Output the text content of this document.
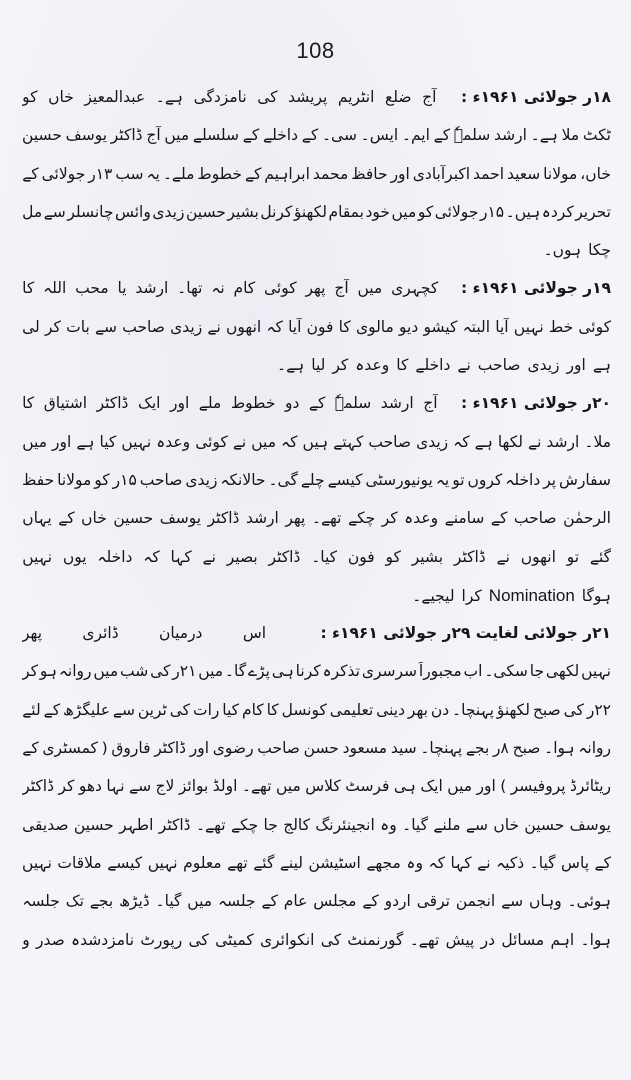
108
۱۸ر جولائی ۱۹۶۱ء :
آج
ضلع
انٹریم
پریشد
کی
نامزدگی
ہے۔
عبدالمعیز
خاں
کو
ٹکٹ
ملا
ہے۔
ارشد
سلمہٗ
کے
ایم۔
ایس۔
سی۔
کے
داخلے
کے
سلسلے
میں
آج
ڈاکٹر
یوسف
حسین
خاں،
مولانا
سعید
احمد
اکبرآبادی
اور
حافظ
محمد
ابراہیم
کے
خطوط
ملے۔
یہ
سب
۱۳ر
جولائی
کے
تحریر
کردہ
ہیں۔
۱۵ر
جولائی
کو
میں
خود
بمقام
لکھنؤ
کرنل
بشیر
حسین
زیدی
وائس
چانسلر
سے
مل
چکا
ہوں۔
۱۹ر جولائی ۱۹۶۱ء :
کچہری
میں
آج
پھر
کوئی
کام
نہ
تھا۔
ارشد
یا
محب
اللہ
کا
کوئی
خط
نہیں
آیا
البتہ
کیشو
دیو
مالوی
کا
فون
آیا
کہ
انھوں
نے
زیدی
صاحب
سے
بات
کر
لی
ہے
اور
زیدی
صاحب
نے
داخلے
کا
وعدہ
کر
لیا
ہے۔
۲۰ر جولائی ۱۹۶۱ء :
آج
ارشد
سلمہٗ
کے
دو
خطوط
ملے
اور
ایک
ڈاکٹر
اشتیاق
کا
ملا۔
ارشد
نے
لکھا
ہے
کہ
زیدی
صاحب
کہتے
ہیں
کہ
میں
نے
کوئی
وعدہ
نہیں
کیا
ہے
اور
میں
سفارش
پر
داخلہ
کروں
تو
یہ
یونیورسٹی
کیسے
چلے
گی۔
حالانکہ
زیدی
صاحب
۱۵ر
کو
مولانا
حفظ
الرحمٰن
صاحب
کے
سامنے
وعدہ
کر
چکے
تھے۔
پھر
ارشد
ڈاکٹر
یوسف
حسین
خاں
کے
یہاں
گئے
تو
انھوں
نے
ڈاکٹر
بشیر
کو
فون
کیا۔
ڈاکٹر
بصیر
نے
کہا
کہ
داخلہ
یوں
نہیں
ہوگا
Nomination
کرا
لیجیے۔
۲۱ر جولائی لغایت ۲۹ر جولائی ۱۹۶۱ء :
اس
درمیان
ڈائری
پھر
نہیں
لکھی
جا
سکی۔
اب
مجبوراً
سرسری
تذکرہ
کرنا
ہی
پڑے
گا۔
میں
۲۱ر
کی
شب
میں
روانہ
ہو
کر
۲۲ر
کی
صبح
لکھنؤ
پہنچا۔
دن
بھر
دینی
تعلیمی
کونسل
کا
کام
کیا
رات
کی
ٹرین
سے
علیگڑھ
کے
لئے
روانہ
ہوا۔
صبح
۸ر
بجے
پہنچا۔
سید
مسعود
حسن
صاحب
رضوی
اور
ڈاکٹر
فاروق
(
کمسٹری
کے
ریٹائرڈ
پروفیسر
)
اور
میں
ایک
ہی
فرسٹ
کلاس
میں
تھے۔
اولڈ
بوائز
لاج
سے
نہا
دھو
کر
ڈاکٹر
یوسف
حسین
خاں
سے
ملنے
گیا۔
وہ
انجینئرنگ
کالج
جا
چکے
تھے۔
ڈاکٹر
اطہر
حسین
صدیقی
کے
پاس
گیا۔
ذکیہ
نے
کہا
کہ
وہ
مجھے
اسٹیشن
لینے
گئے
تھے
معلوم
نہیں
کیسے
ملاقات
نہیں
ہوئی۔
وہاں
سے
انجمن
ترقی
اردو
کے
مجلس
عام
کے
جلسہ
میں
گیا۔
ڈیڑھ
بجے
تک
جلسہ
ہوا۔
اہم
مسائل
در
پیش
تھے۔
گورنمنٹ
کی
انکوائری
کمیٹی
کی
رپورٹ
نامزدشدہ
صدر
و
